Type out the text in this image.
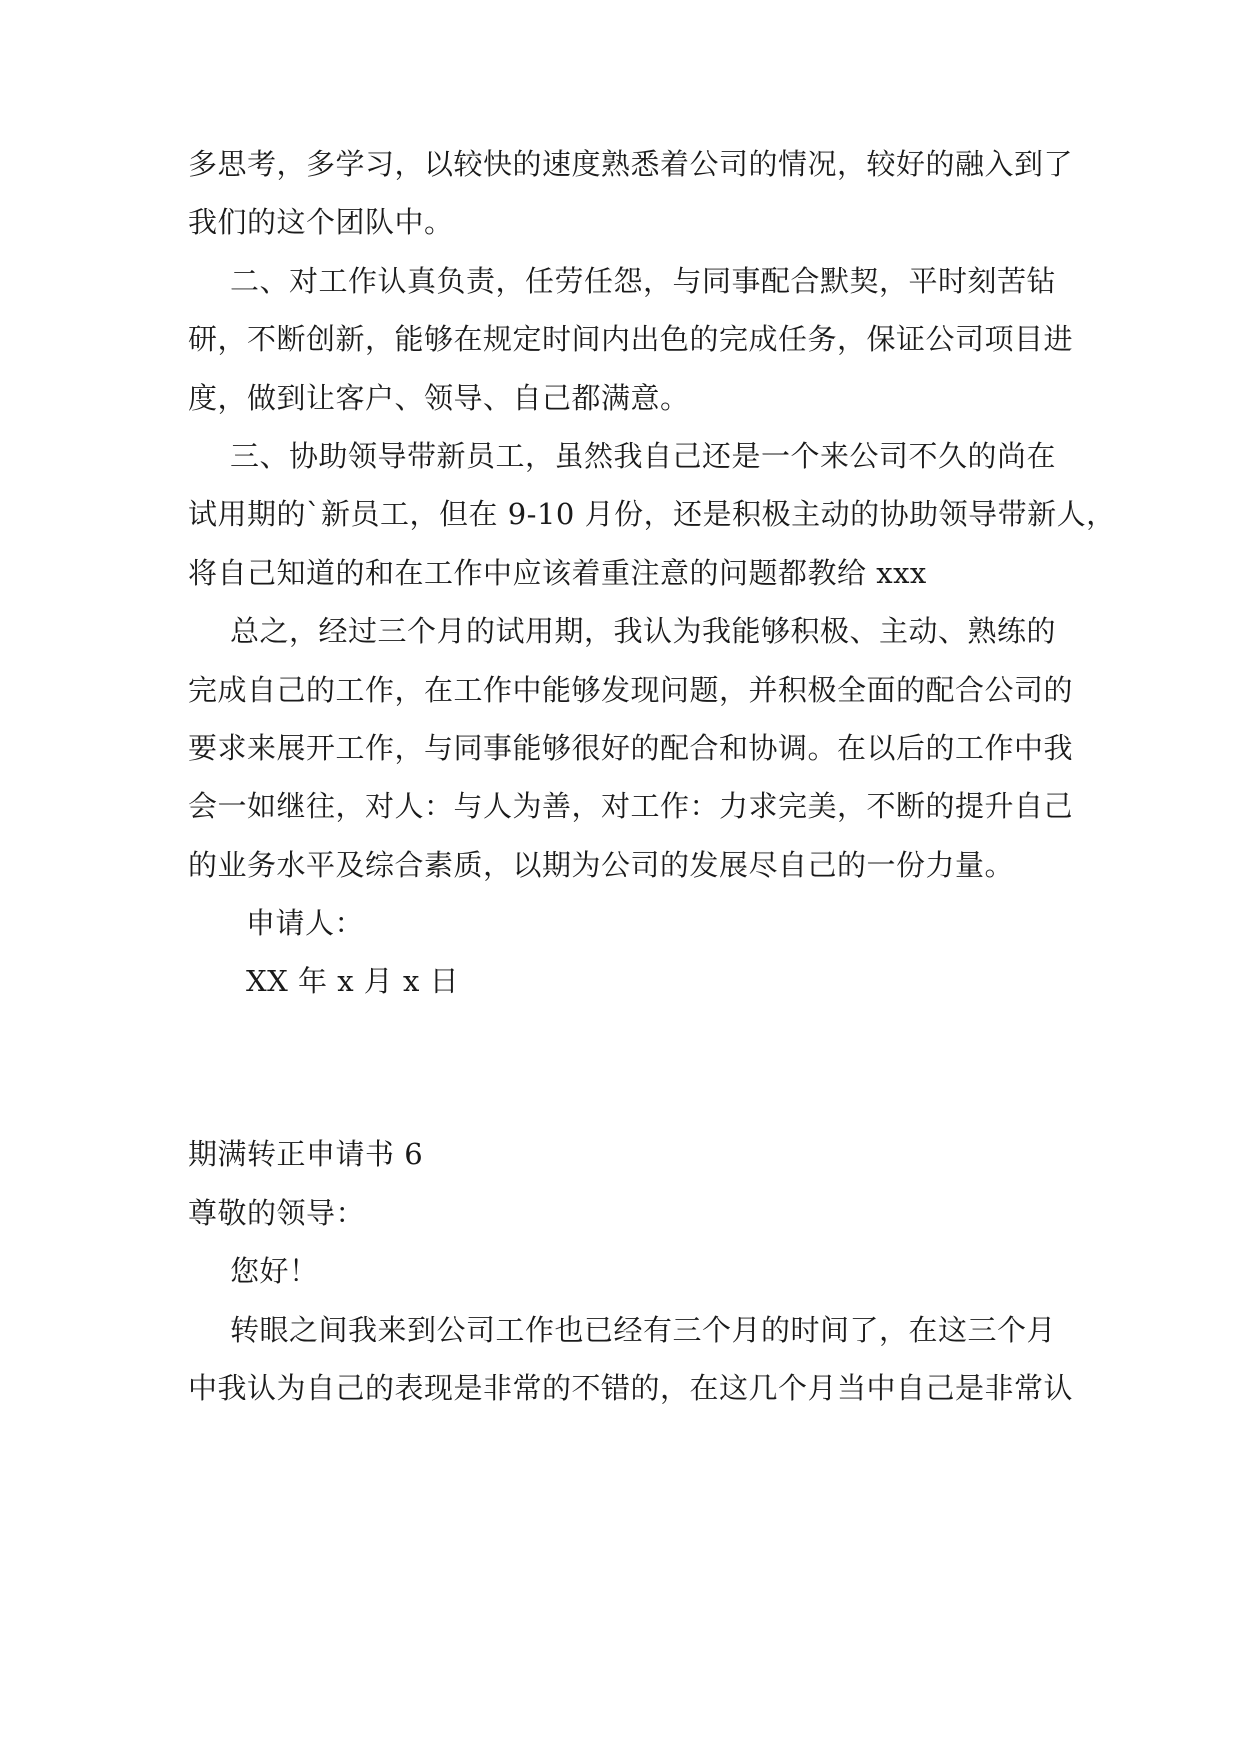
多思考，多学习，以较快的速度熟悉着公司的情况，较好的融入到了
我们的这个团队中。
二、对工作认真负责，任劳任怨，与同事配合默契，平时刻苦钻
研，不断创新，能够在规定时间内出色的完成任务，保证公司项目进
度，做到让客户、领导、自己都满意。
三、协助领导带新员工，虽然我自己还是一个来公司不久的尚在
试用期的`新员工，但在 9-10 月份，还是积极主动的协助领导带新人，
将自己知道的和在工作中应该着重注意的问题都教给 xxx
总之，经过三个月的试用期，我认为我能够积极、主动、熟练的
完成自己的工作，在工作中能够发现问题，并积极全面的配合公司的
要求来展开工作，与同事能够很好的配合和协调。在以后的工作中我
会一如继往，对人：与人为善，对工作：力求完美，不断的提升自己
的业务水平及综合素质，以期为公司的发展尽自己的一份力量。
申请人：
XX 年 x 月 x 日
期满转正申请书 6
尊敬的领导：
您好！
转眼之间我来到公司工作也已经有三个月的时间了，在这三个月
中我认为自己的表现是非常的不错的，在这几个月当中自己是非常认
